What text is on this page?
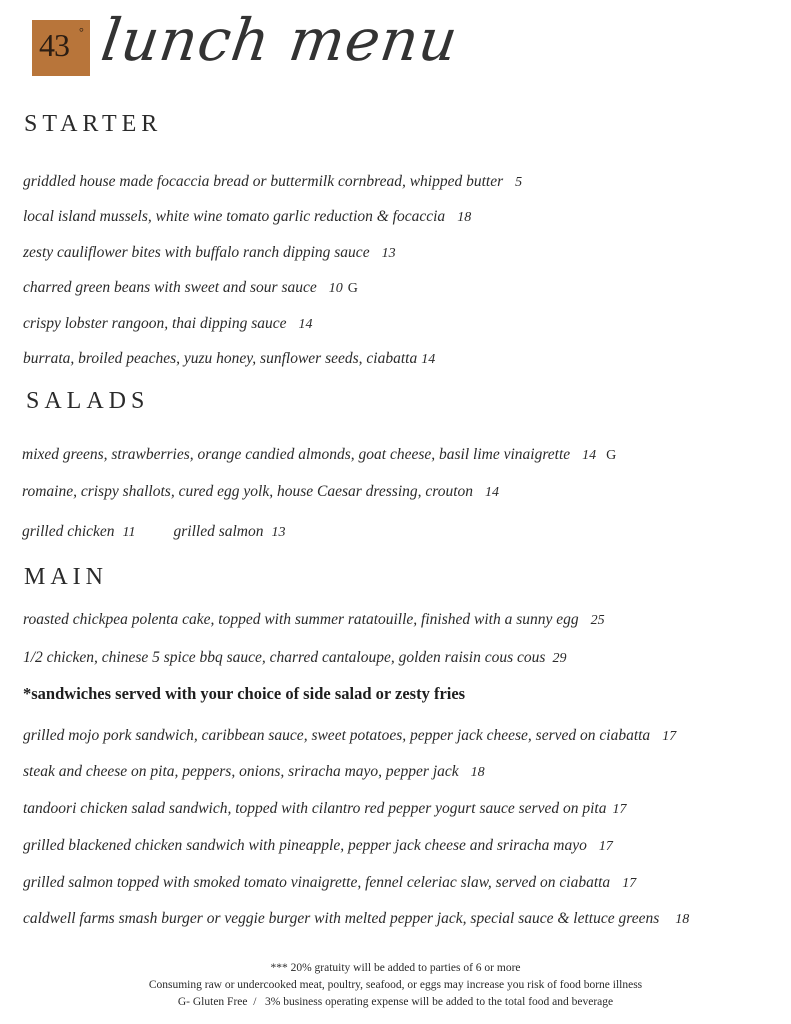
43 ° lunch menu
STARTER
griddled house made focaccia bread or buttermilk cornbread, whipped butter 5
local island mussels, white wine tomato garlic reduction & focaccia 18
zesty cauliflower bites with buffalo ranch dipping sauce 13
charred green beans with sweet and sour sauce 10 G
crispy lobster rangoon, thai dipping sauce 14
burrata, broiled peaches, yuzu honey, sunflower seeds, ciabatta 14
SALADS
mixed greens, strawberries, orange candied almonds, goat cheese, basil lime vinaigrette 14 G
romaine, crispy shallots, cured egg yolk, house Caesar dressing, crouton 14
grilled chicken 11 grilled salmon 13
MAIN
roasted chickpea polenta cake, topped with summer ratatouille, finished with a sunny egg 25
1/2 chicken, chinese 5 spice bbq sauce, charred cantaloupe, golden raisin cous cous 29
*sandwiches served with your choice of side salad or zesty fries
grilled mojo pork sandwich, caribbean sauce, sweet potatoes, pepper jack cheese, served on ciabatta 17
steak and cheese on pita, peppers, onions, sriracha mayo, pepper jack 18
tandoori chicken salad sandwich, topped with cilantro red pepper yogurt sauce served on pita 17
grilled blackened chicken sandwich with pineapple, pepper jack cheese and sriracha mayo 17
grilled salmon topped with smoked tomato vinaigrette, fennel celeriac slaw, served on ciabatta 17
caldwell farms smash burger or veggie burger with melted pepper jack, special sauce & lettuce greens 18
*** 20% gratuity will be added to parties of 6 or more
Consuming raw or undercooked meat, poultry, seafood, or eggs may increase you risk of food borne illness
G- Gluten Free  /   3% business operating expense will be added to the total food and beverage
